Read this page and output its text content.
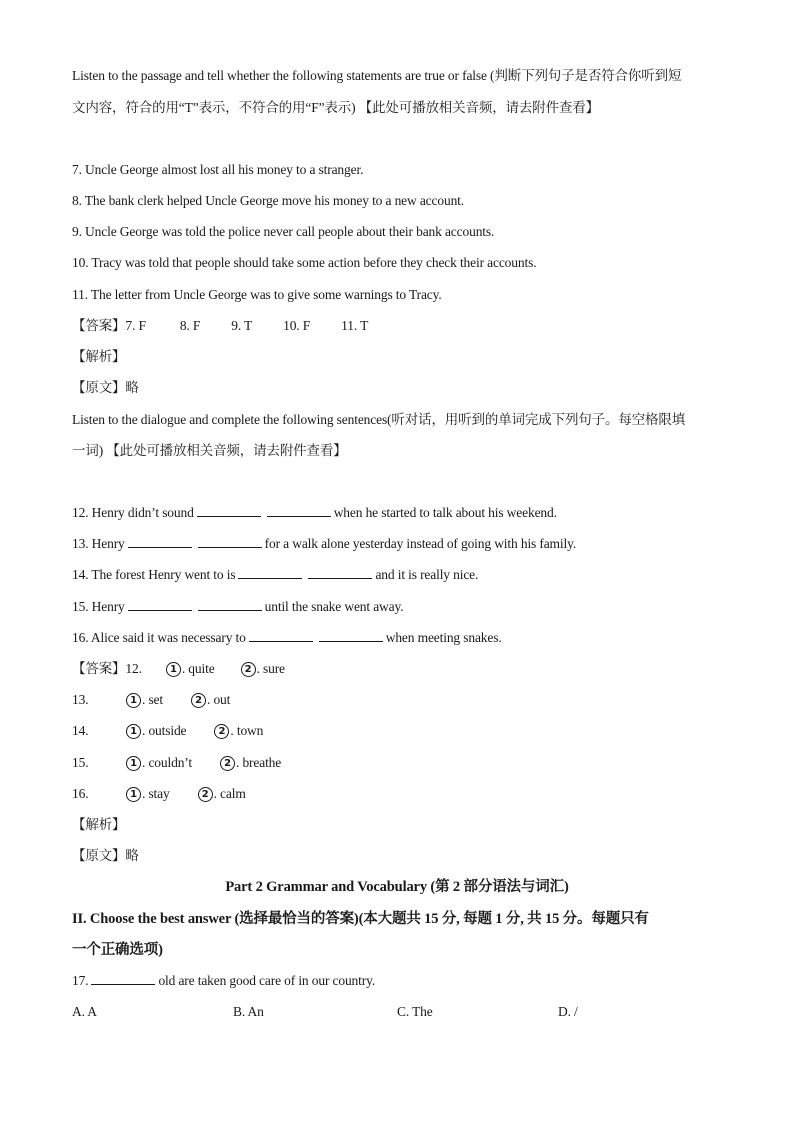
Listen to the passage and tell whether the following statements are true or false (判断下列句子是否符合你听到短
文内容，符合的用“T”表示，不符合的用“F”表示) 【此处可播放相关音频，请去附件查看】
7. Uncle George almost lost all his money to a stranger.
8. The bank clerk helped Uncle George move his money to a new account.
9. Uncle George was told the police never call people about their bank accounts.
10. Tracy was told that people should take some action before they check their accounts.
11. The letter from Uncle George was to give some warnings to Tracy.
【答案】7. F	8. F 9. T 10. F 11. T
【解析】
【原文】略
Listen to the dialogue and complete the following sentences(听对话，用听到的单词完成下列句子。每空格限填
一词) 【此处可播放相关音频，请去附件查看】
12. Henry didn’t sound	when he started to talk about his weekend.
13. Henry	for a walk alone yesterday instead of going with his family.
14. The forest Henry went to is	and it is really nice.
15. Henry	until the snake went away.
16. Alice said it was necessary to	when meeting snakes.
【答案】12.	1 . quite	2 . sure
13.	1 . set	2 . out
14.	1 . outside	2 . town
15.	1 . couldn’t	2 . breathe
16.	1 . stay	2 . calm
【解析】
【原文】略
Part 2 Grammar and Vocabulary (第 2 部分语法与词汇)
II. Choose the best answer (选择最恰当的答案)(本大题共 15 分, 每题 1 分, 共 15 分。每题只有
一个正确选项)
17.	old are taken good care of in our country.
A. A	B. An	C. The	D. /
